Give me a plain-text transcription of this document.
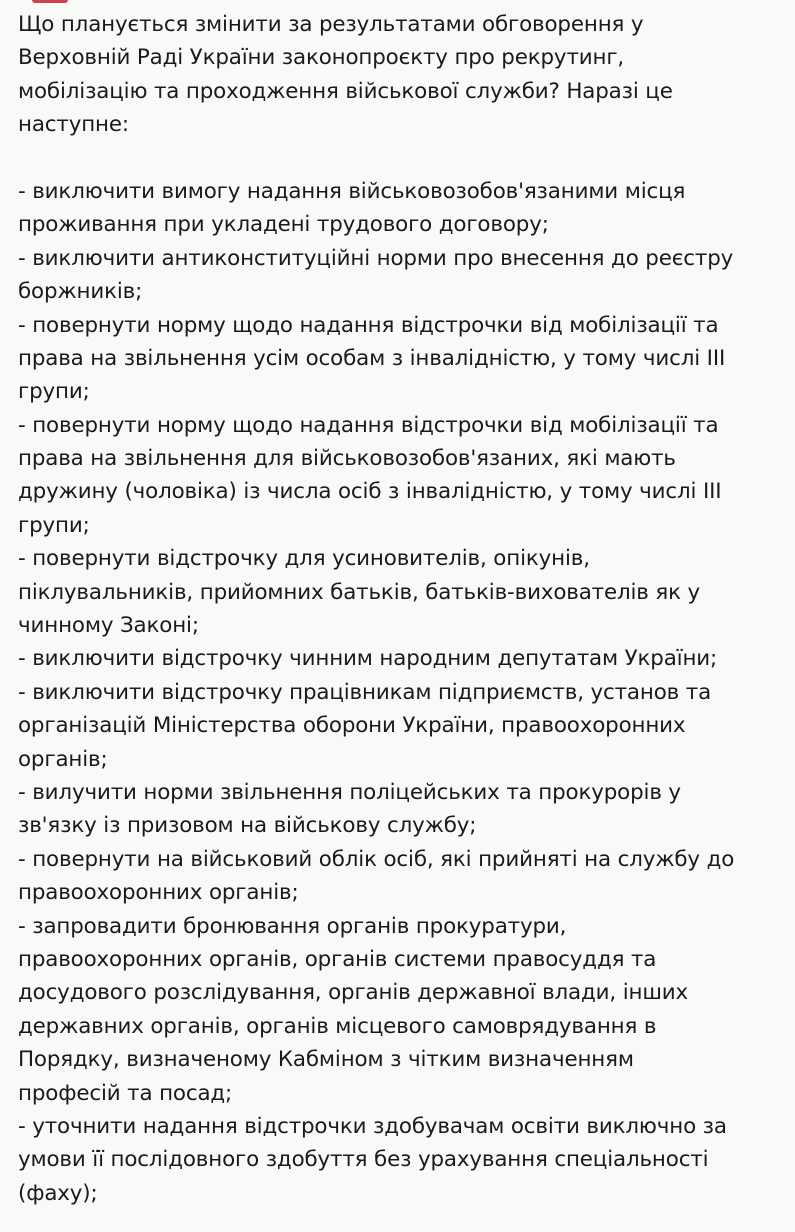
Що планується змінити за результатами обговорення у
Верховній Раді України законопроєкту про рекрутинг,
мобілізацію та проходження військової служби? Наразі це
наступне:
- виключити вимогу надання військовозобов'язаними місця
проживання при укладені трудового договору;
- виключити антиконституційні норми про внесення до реєстру
боржників;
- повернути норму щодо надання відстрочки від мобілізації та
права на звільнення усім особам з інвалідністю, у тому числі ІІІ
групи;
- повернути норму щодо надання відстрочки від мобілізації та
права на звільнення для військовозобов'язаних, які мають
дружину (чоловіка) із числа осіб з інвалідністю, у тому числі ІІІ
групи;
- повернути відстрочку для усиновителів, опікунів,
піклувальників, прийомних батьків, батьків-вихователів як у
чинному Законі;
- виключити відстрочку чинним народним депутатам України;
- виключити відстрочку працівникам підприємств, установ та
організацій Міністерства оборони України, правоохоронних
органів;
- вилучити норми звільнення поліцейських та прокурорів у
зв'язку із призовом на військову службу;
- повернути на військовий облік осіб, які прийняті на службу до
правоохоронних органів;
- запровадити бронювання органів прокуратури,
правоохоронних органів, органів системи правосуддя та
досудового розслідування, органів державної влади, інших
державних органів, органів місцевого самоврядування в
Порядку, визначеному Кабміном з чітким визначенням
професій та посад;
- уточнити надання відстрочки здобувачам освіти виключно за
умови її послідовного здобуття без урахування спеціальності
(фаху);
